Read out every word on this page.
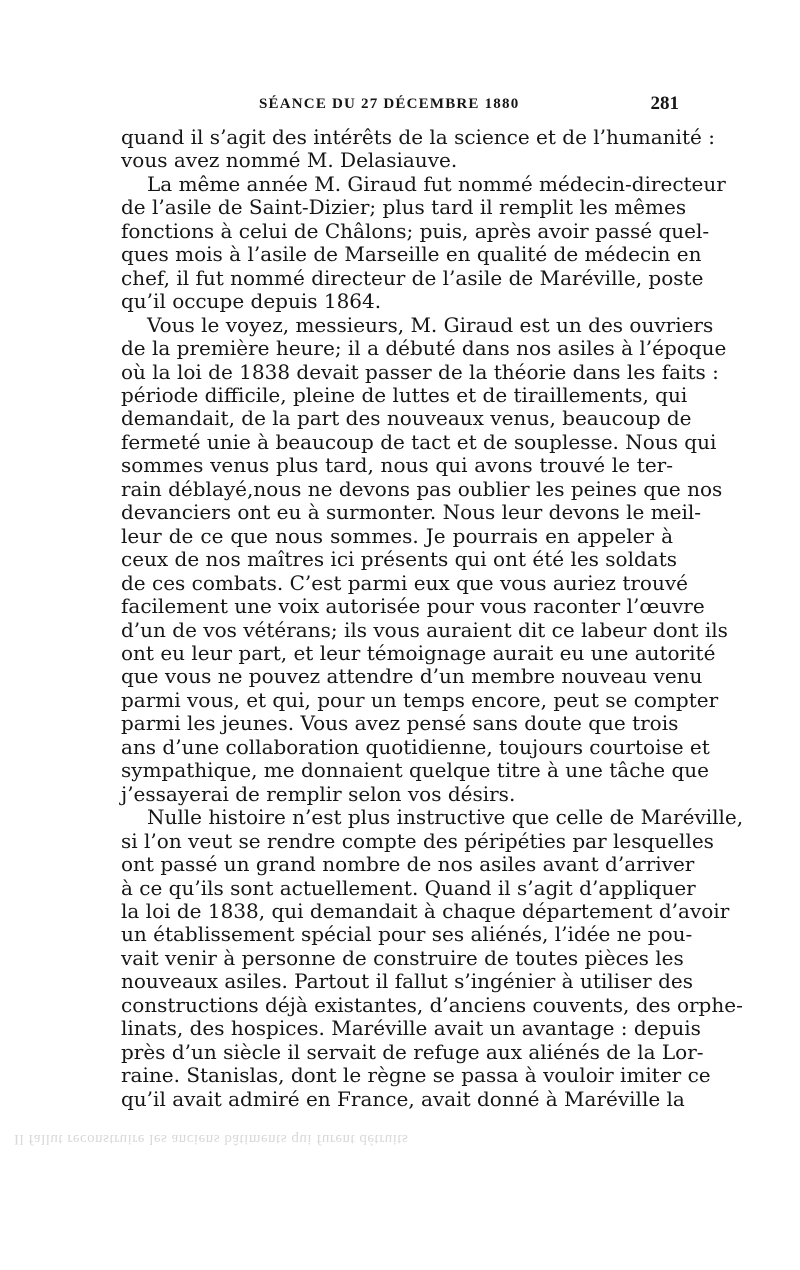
SÉANCE DU 27 DÉCEMBRE 1880	281
quand il s’agit des intérêts de la science et de l’humanité :
vous avez nommé M. Delasiauve.
La même année M. Giraud fut nommé médecin-directeur
de l’asile de Saint-Dizier; plus tard il remplit les mêmes
fonctions à celui de Châlons; puis, après avoir passé quel-
ques mois à l’asile de Marseille en qualité de médecin en
chef, il fut nommé directeur de l’asile de Maréville, poste
qu’il occupe depuis 1864.
Vous le voyez, messieurs, M. Giraud est un des ouvriers
de la première heure; il a débuté dans nos asiles à l’époque
où la loi de 1838 devait passer de la théorie dans les faits :
période difficile, pleine de luttes et de tiraillements, qui
demandait, de la part des nouveaux venus, beaucoup de
fermeté unie à beaucoup de tact et de souplesse. Nous qui
sommes venus plus tard, nous qui avons trouvé le ter-
rain déblayé,nous ne devons pas oublier les peines que nos
devanciers ont eu à surmonter. Nous leur devons le meil-
leur de ce que nous sommes. Je pourrais en appeler à
ceux de nos maîtres ici présents qui ont été les soldats
de ces combats. C’est parmi eux que vous auriez trouvé
facilement une voix autorisée pour vous raconter l’œuvre
d’un de vos vétérans; ils vous auraient dit ce labeur dont ils
ont eu leur part, et leur témoignage aurait eu une autorité
que vous ne pouvez attendre d’un membre nouveau venu
parmi vous, et qui, pour un temps encore, peut se compter
parmi les jeunes. Vous avez pensé sans doute que trois
ans d’une collaboration quotidienne, toujours courtoise et
sympathique, me donnaient quelque titre à une tâche que
j’essayerai de remplir selon vos désirs.
Nulle histoire n’est plus instructive que celle de Maréville,
si l’on veut se rendre compte des péripéties par lesquelles
ont passé un grand nombre de nos asiles avant d’arriver
à ce qu’ils sont actuellement. Quand il s’agit d’appliquer
la loi de 1838, qui demandait à chaque département d’avoir
un établissement spécial pour ses aliénés, l’idée ne pou-
vait venir à personne de construire de toutes pièces les
nouveaux asiles. Partout il fallut s’ingénier à utiliser des
constructions déjà existantes, d’anciens couvents, des orphe-
linats, des hospices. Maréville avait un avantage : depuis
près d’un siècle il servait de refuge aux aliénés de la Lor-
raine. Stanislas, dont le règne se passa à vouloir imiter ce
qu’il avait admiré en France, avait donné à Maréville la
Il fallut reconstruire les anciens bâtiments qui furent détruits
